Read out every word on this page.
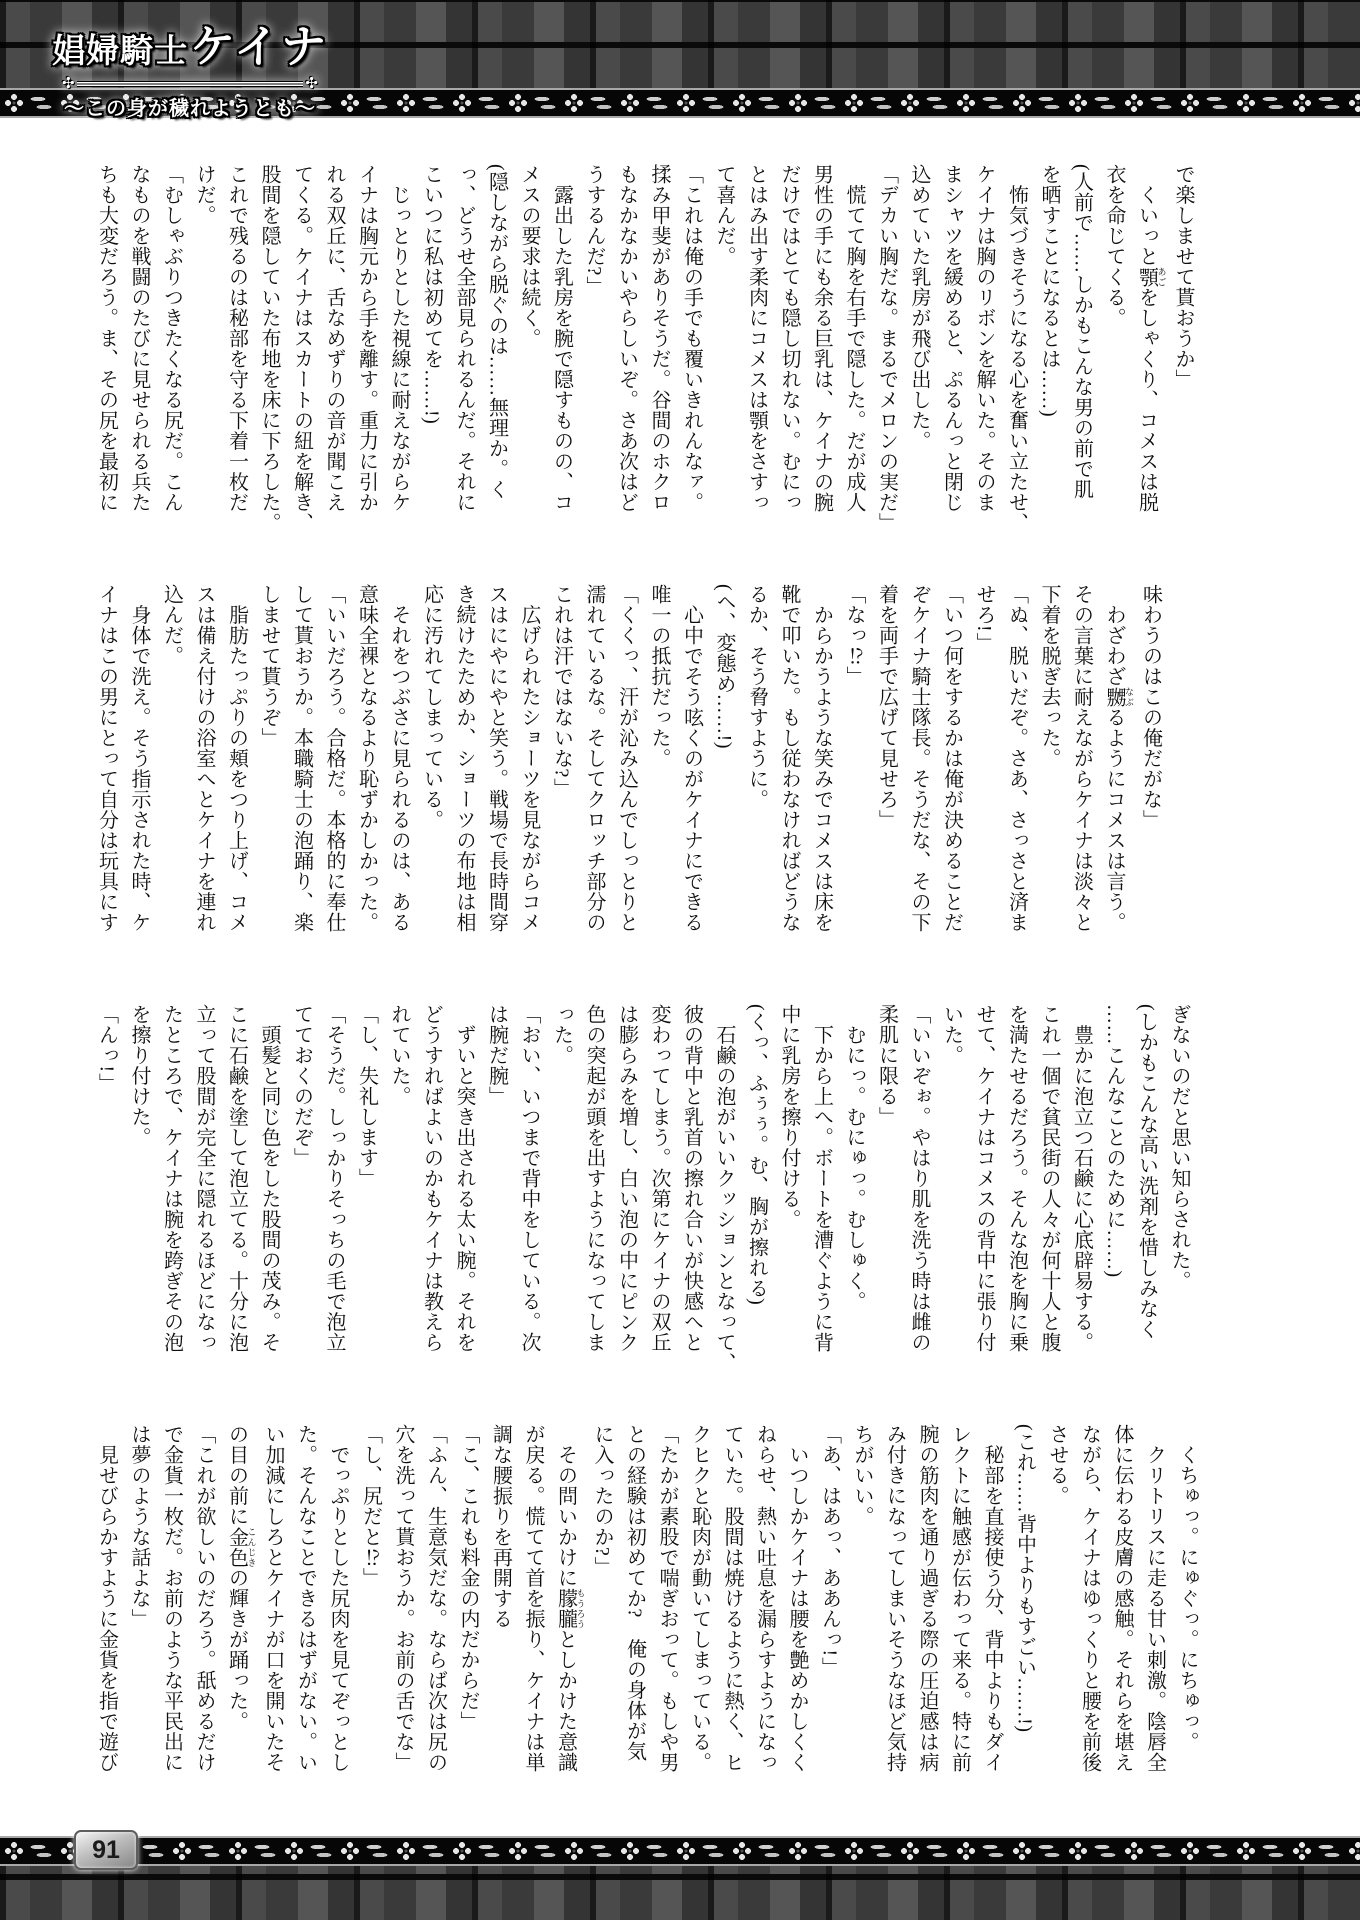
娼婦騎士 ケイナ
✣	✣
〜この身が穢れようとも〜

で楽しませて貰おうか」

　くいっと顎 あごをしゃくり、コメスは脱

衣を命じてくる。

(人前で……しかもこんな男の前で肌

を晒すことになるとは……)

　怖気づきそうになる心を奮い立たせ、

ケイナは胸のリボンを解いた。そのま

まシャツを緩めると、ぷるんっと閉じ

込めていた乳房が飛び出した。

「デカい胸だな。まるでメロンの実だ」

　慌てて胸を右手で隠した。だが成人

男性の手にも余る巨乳は、ケイナの腕

だけではとても隠し切れない。むにっ

とはみ出す柔肉にコメスは顎をさすっ

て喜んだ。

「これは俺の手でも覆いきれんなァ。

揉み甲斐がありそうだ。谷間のホクロ

もなかなかいやらしいぞ。さあ次はど

うするんだ?」

　露出した乳房を腕で隠すものの、コ

メスの要求は続く。

(隠しながら脱ぐのは……無理か。く

っ、どうせ全部見られるんだ。それに

こいつに私は初めてを……!)

　じっとりとした視線に耐えながらケ

イナは胸元から手を離す。重力に引か

れる双丘に、舌なめずりの音が聞こえ

てくる。ケイナはスカートの紐を解き、

股間を隠していた布地を床に下ろした。

これで残るのは秘部を守る下着一枚だ

けだ。

「むしゃぶりつきたくなる尻だ。こん

なものを戦闘のたびに見せられる兵た

ちも大変だろう。ま、その尻を最初に

味わうのはこの俺だがな」

　わざわざ嬲 なぶるようにコメスは言う。

その言葉に耐えながらケイナは淡々と

下着を脱ぎ去った。

「ぬ、脱いだぞ。さあ、さっさと済ま

せろ!」

「いつ何をするかは俺が決めることだ

ぞケイナ騎士隊長。そうだな、その下

着を両手で広げて見せろ」

「なっ⁉」

　からかうような笑みでコメスは床を

靴で叩いた。もし従わなければどうな

るか、そう脅すように。

(ヘ、変態め……!)

　心中でそう呟くのがケイナにできる

唯一の抵抗だった。

「くくっ、汗が沁み込んでしっとりと

濡れているな。そしてクロッチ部分の

これは汗ではないな?」

　広げられたショーツを見ながらコメ

スはにやにやと笑う。戦場で長時間穿

き続けたためか、ショーツの布地は相

応に汚れてしまっている。

　それをつぶさに見られるのは、ある

意味全裸となるより恥ずかしかった。

「いいだろう。合格だ。本格的に奉仕

して貰おうか。本職騎士の泡踊り、楽

しませて貰うぞ」

　脂肪たっぷりの頬をつり上げ、コメ

スは備え付けの浴室へとケイナを連れ

込んだ。

　身体で洗え。そう指示された時、ケ

イナはこの男にとって自分は玩具にす

ぎないのだと思い知らされた。

(しかもこんな高い洗剤を惜しみなく

……こんなことのために……)

　豊かに泡立つ石鹸に心底辟易する。

これ一個で貧民街の人々が何十人と腹

を満たせるだろう。そんな泡を胸に乗

せて、ケイナはコメスの背中に張り付

いた。

「いいぞぉ。やはり肌を洗う時は雌の

柔肌に限る」

　むにっ。むにゅっ。むしゅく。

　下から上へ。ボートを漕ぐように背

中に乳房を擦り付ける。

(くっ、ふぅぅ。む、胸が擦れる)

　石鹸の泡がいいクッションとなって、

彼の背中と乳首の擦れ合いが快感へと

変わってしまう。次第にケイナの双丘

は膨らみを増し、白い泡の中にピンク

色の突起が頭を出すようになってしま

った。

「おい、いつまで背中をしている。次

は腕だ腕」

　ずいと突き出される太い腕。それを

どうすればよいのかもケイナは教えら

れていた。

「し、失礼します」

「そうだ。しっかりそっちの毛で泡立

てておくのだぞ」

　頭髪と同じ色をした股間の茂み。そ

こに石鹸を塗して泡立てる。十分に泡

立って股間が完全に隠れるほどになっ

たところで、ケイナは腕を跨ぎその泡

を擦り付けた。

「んっ!」

　くちゅっ。にゅぐっ。にちゅっ。

　クリトリスに走る甘い刺激。陰唇全

体に伝わる皮膚の感触。それらを堪え

ながら、ケイナはゆっくりと腰を前後

させる。

(これ……背中よりもすごい……!)

　秘部を直接使う分、背中よりもダイ

レクトに触感が伝わって来る。特に前

腕の筋肉を通り過ぎる際の圧迫感は病

み付きになってしまいそうなほど気持

ちがいい。

「あ、はあっ、ああんっ!」

　いつしかケイナは腰を艶めかしくく

ねらせ、熱い吐息を漏らすようになっ

ていた。股間は焼けるように熱く、ヒ

クヒクと恥肉が動いてしまっている。

「たかが素股で喘ぎおって。もしや男

との経験は初めてか?　俺の身体が気

に入ったのか?」

　その問いかけに朦朧 もうろうとしかけた意識

が戻る。慌てて首を振り、ケイナは単

調な腰振りを再開する

「こ、これも料金の内だからだ」

「ふん、生意気だな。ならば次は尻の

穴を洗って貰おうか。お前の舌でな」

「し、尻だと⁉」

　でっぷりとした尻肉を見てぞっとし

た。そんなことできるはずがない。い

い加減にしろとケイナが口を開いたそ

の目の前に金色 こんじきの輝きが踊った。

「これが欲しいのだろう。舐めるだけ

で金貨一枚だ。お前のような平民出に

は夢のような話よな」

　見せびらかすように金貨を指で遊び

91
